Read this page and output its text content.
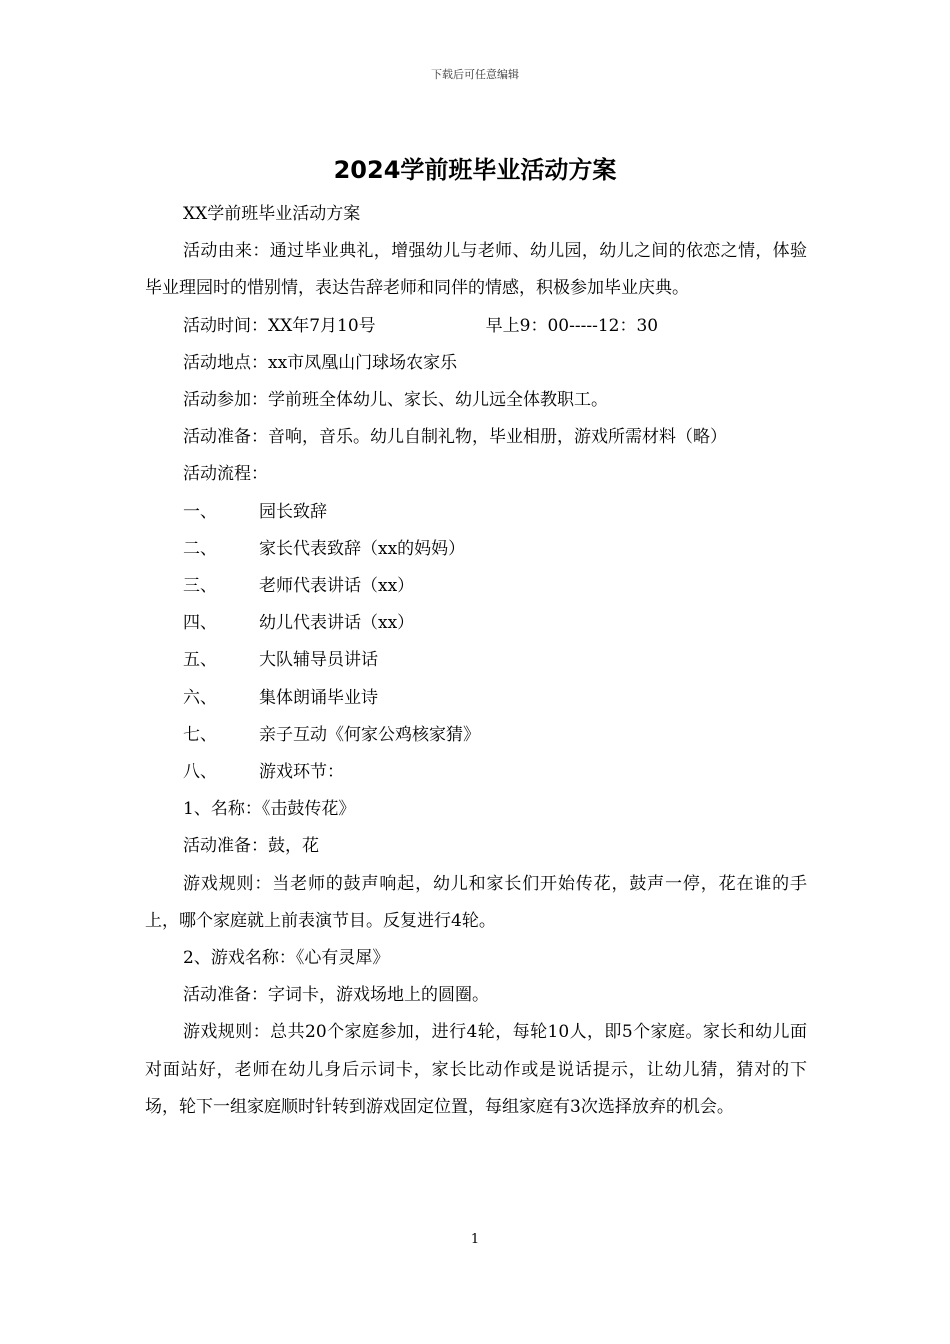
下载后可任意编辑
2024学前班毕业活动方案

XX学前班毕业活动方案

活动由来：通过毕业典礼，增强幼儿与老师、幼儿园，幼儿之间的依恋之情，体验毕业理园时的惜别情，表达告辞老师和同伴的情感，积极参加毕业庆典。

活动时间：XX年7月10号	早上9：00-----12：30

活动地点：xx市凤凰山门球场农家乐

活动参加：学前班全体幼儿、家长、幼儿远全体教职工。

活动准备：音响，音乐。幼儿自制礼物，毕业相册，游戏所需材料（略）

活动流程：

一、 园长致辞

二、 家长代表致辞（xx的妈妈）

三、 老师代表讲话（xx）

四、 幼儿代表讲话（xx）

五、 大队辅导员讲话

六、 集体朗诵毕业诗

七、 亲子互动《何家公鸡核家猜》

八、 游戏环节：

1、名称：《击鼓传花》

活动准备：鼓，花

游戏规则：当老师的鼓声响起，幼儿和家长们开始传花，鼓声一停，花在谁的手上，哪个家庭就上前表演节目。反复进行4轮。

2、游戏名称：《心有灵犀》

活动准备：字词卡，游戏场地上的圆圈。

游戏规则：总共20个家庭参加，进行4轮，每轮10人，即5个家庭。家长和幼儿面对面站好，老师在幼儿身后示词卡，家长比动作或是说话提示，让幼儿猜，猜对的下场，轮下一组家庭顺时针转到游戏固定位置，每组家庭有3次选择放弃的机会。

1
